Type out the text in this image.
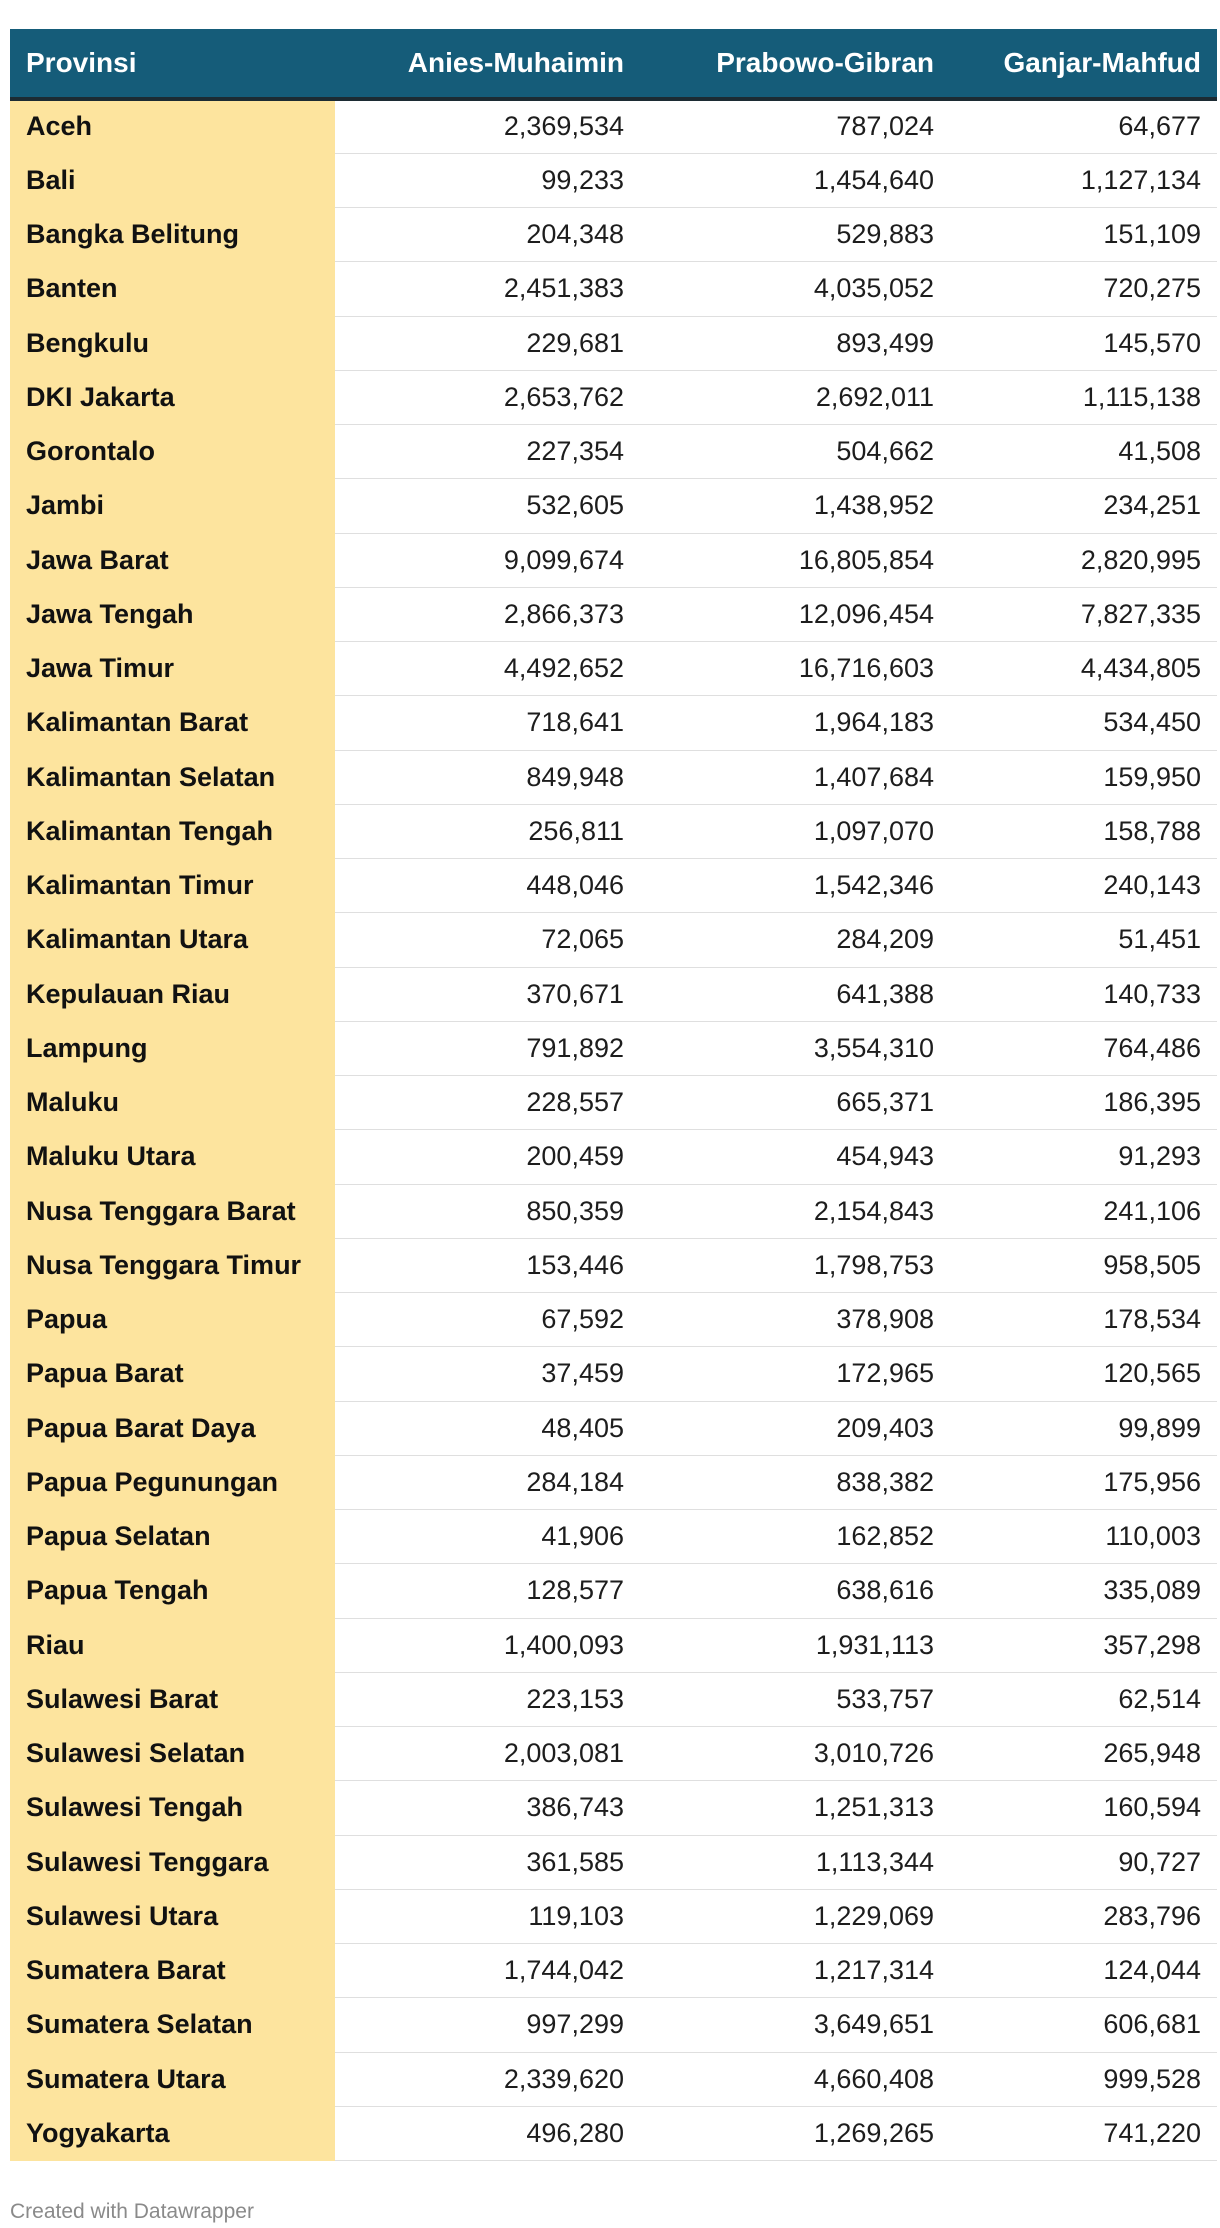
Provinsi	Anies-Muhaimin	Prabowo-Gibran	Ganjar-Mahfud
Aceh	2,369,534	787,024	64,677
Bali	99,233	1,454,640	1,127,134
Bangka Belitung	204,348	529,883	151,109
Banten	2,451,383	4,035,052	720,275
Bengkulu	229,681	893,499	145,570
DKI Jakarta	2,653,762	2,692,011	1,115,138
Gorontalo	227,354	504,662	41,508
Jambi	532,605	1,438,952	234,251
Jawa Barat	9,099,674	16,805,854	2,820,995
Jawa Tengah	2,866,373	12,096,454	7,827,335
Jawa Timur	4,492,652	16,716,603	4,434,805
Kalimantan Barat	718,641	1,964,183	534,450
Kalimantan Selatan	849,948	1,407,684	159,950
Kalimantan Tengah	256,811	1,097,070	158,788
Kalimantan Timur	448,046	1,542,346	240,143
Kalimantan Utara	72,065	284,209	51,451
Kepulauan Riau	370,671	641,388	140,733
Lampung	791,892	3,554,310	764,486
Maluku	228,557	665,371	186,395
Maluku Utara	200,459	454,943	91,293
Nusa Tenggara Barat	850,359	2,154,843	241,106
Nusa Tenggara Timur	153,446	1,798,753	958,505
Papua	67,592	378,908	178,534
Papua Barat	37,459	172,965	120,565
Papua Barat Daya	48,405	209,403	99,899
Papua Pegunungan	284,184	838,382	175,956
Papua Selatan	41,906	162,852	110,003
Papua Tengah	128,577	638,616	335,089
Riau	1,400,093	1,931,113	357,298
Sulawesi Barat	223,153	533,757	62,514
Sulawesi Selatan	2,003,081	3,010,726	265,948
Sulawesi Tengah	386,743	1,251,313	160,594
Sulawesi Tenggara	361,585	1,113,344	90,727
Sulawesi Utara	119,103	1,229,069	283,796
Sumatera Barat	1,744,042	1,217,314	124,044
Sumatera Selatan	997,299	3,649,651	606,681
Sumatera Utara	2,339,620	4,660,408	999,528
Yogyakarta	496,280	1,269,265	741,220
Created with Datawrapper
